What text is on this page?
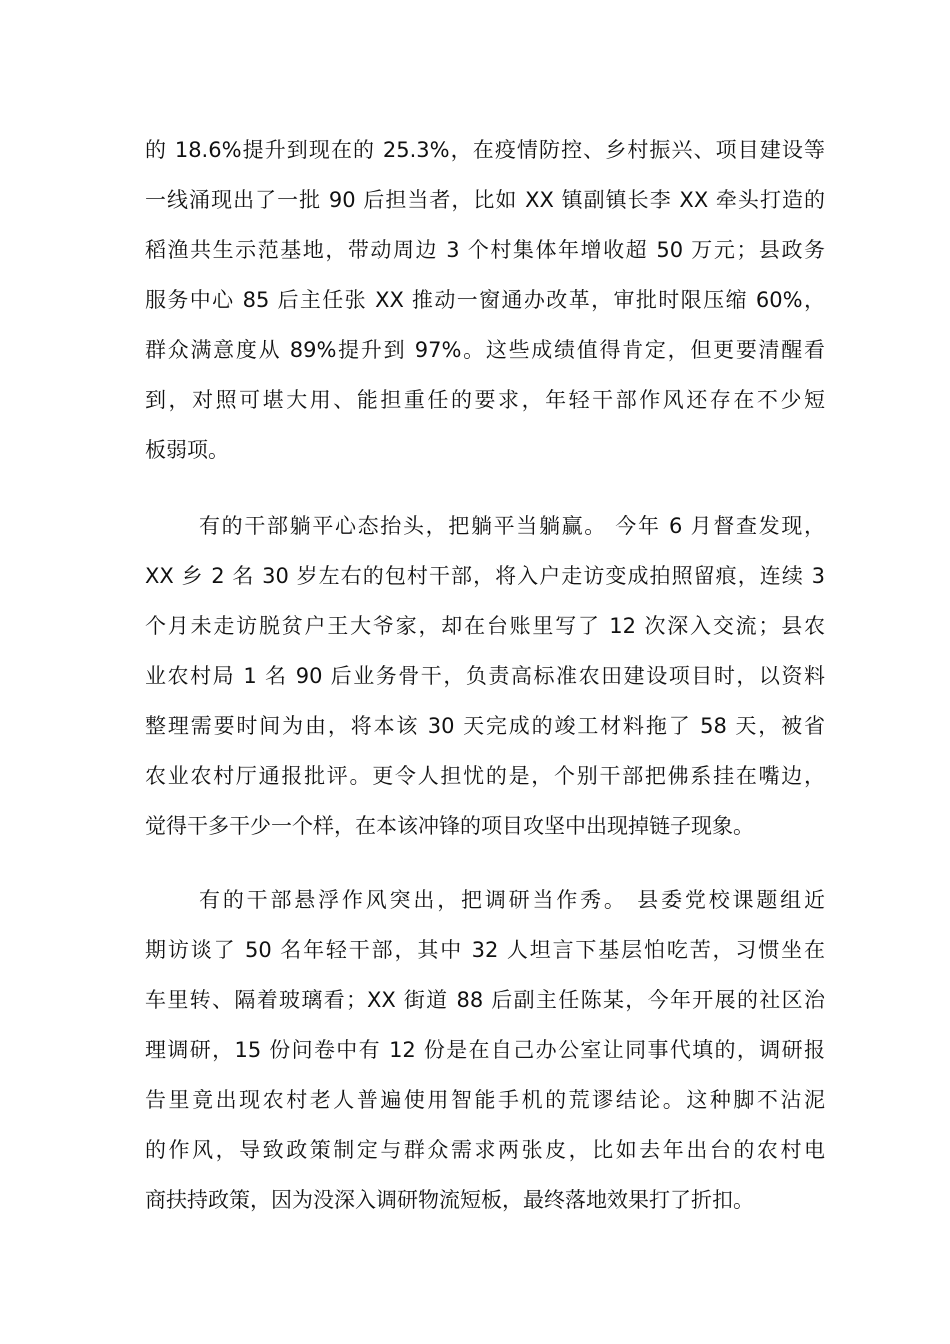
的 18.6%提升到现在的 25.3%，在疫情防控、乡村振兴、项目建设等
一线涌现出了一批 90 后担当者，比如 XX 镇副镇长李 XX 牵头打造的
稻渔共生示范基地，带动周边 3 个村集体年增收超 50 万元；县政务
服务中心 85 后主任张 XX 推动一窗通办改革，审批时限压缩 60%，
群众满意度从 89%提升到 97%。这些成绩值得肯定，但更要清醒看
到，对照可堪大用、能担重任的要求，年轻干部作风还存在不少短
板弱项。
有的干部躺平心态抬头，把躺平当躺赢。 今年 6 月督查发现，
XX 乡 2 名 30 岁左右的包村干部，将入户走访变成拍照留痕，连续 3
个月未走访脱贫户王大爷家，却在台账里写了 12 次深入交流；县农
业农村局 1 名 90 后业务骨干，负责高标准农田建设项目时，以资料
整理需要时间为由，将本该 30 天完成的竣工材料拖了 58 天，被省
农业农村厅通报批评。更令人担忧的是，个别干部把佛系挂在嘴边，
觉得干多干少一个样，在本该冲锋的项目攻坚中出现掉链子现象。
有的干部悬浮作风突出，把调研当作秀。 县委党校课题组近
期访谈了 50 名年轻干部，其中 32 人坦言下基层怕吃苦，习惯坐在
车里转、隔着玻璃看；XX 街道 88 后副主任陈某，今年开展的社区治
理调研，15 份问卷中有 12 份是在自己办公室让同事代填的，调研报
告里竟出现农村老人普遍使用智能手机的荒谬结论。这种脚不沾泥
的作风，导致政策制定与群众需求两张皮，比如去年出台的农村电
商扶持政策，因为没深入调研物流短板，最终落地效果打了折扣。
